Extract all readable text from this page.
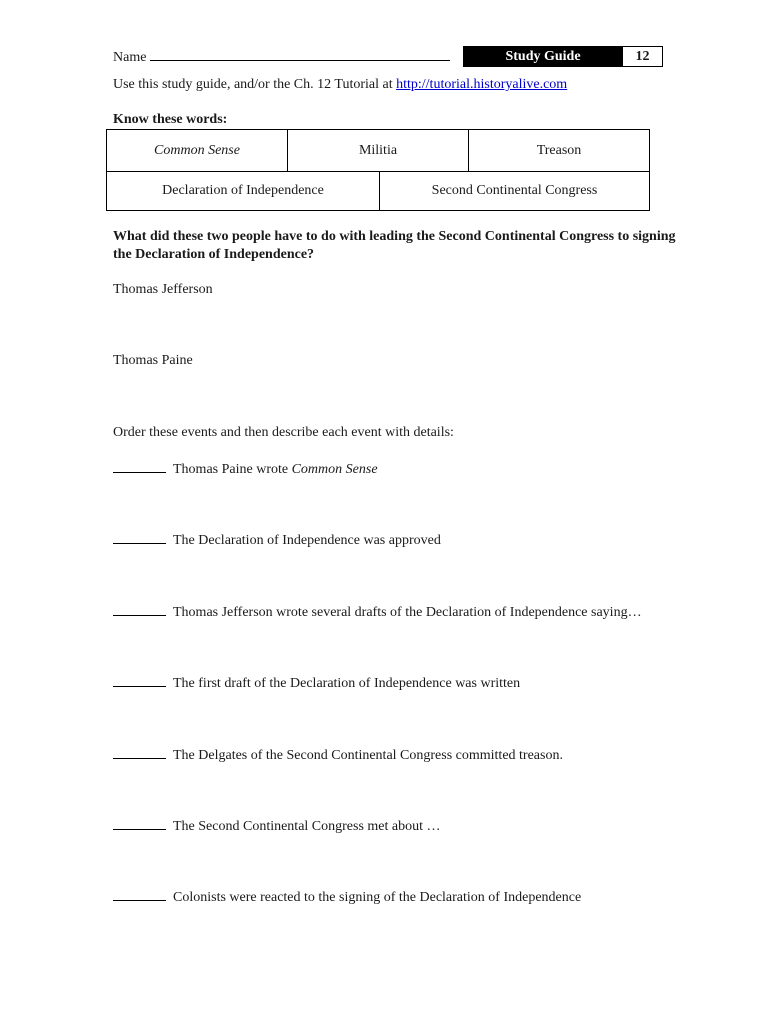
Name	Study Guide	12
Use this study guide, and/or the Ch. 12 Tutorial at http://tutorial.historyalive.com
Know these words:
Common Sense	Militia	Treason
Declaration of Independence	Second Continental Congress
What did these two people have to do with leading the Second Continental Congress to signing the Declaration of Independence?
Thomas Jefferson
Thomas Paine
Order these events and then describe each event with details:
Thomas Paine wrote Common Sense
The Declaration of Independence was approved
Thomas Jefferson wrote several drafts of the Declaration of Independence saying…
The first draft of the Declaration of Independence was written
The Delgates of the Second Continental Congress committed treason.
The Second Continental Congress met about …
Colonists were reacted to the signing of the Declaration of Independence
